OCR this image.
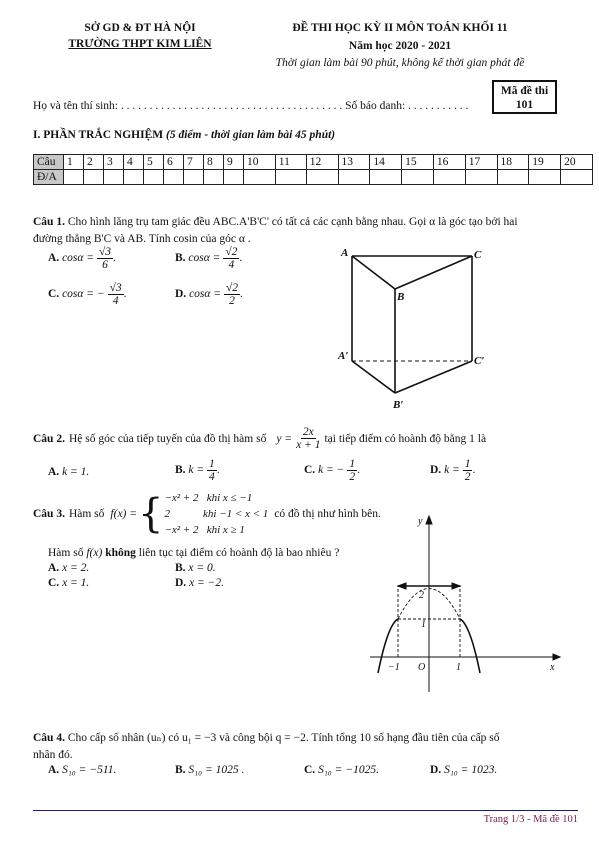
SỞ GD & ĐT HÀ NỘI
TRƯỜNG THPT KIM LIÊN
ĐỀ THI HỌC KỲ II MÔN TOÁN KHỐI 11
Năm học 2020 - 2021
Thời gian làm bài 90 phút, không kể thời gian phát đề
Mã đề thi
101
Họ và tên thí sinh: . . . . . . . . . . . . . . . . . . . . . . . . . . . . . . . . . . . . . . . Số báo danh: . . . . . . . . . . .
I. PHẦN TRẮC NGHIỆM (5 điểm - thời gian làm bài 45 phút)
Câu	1	2	3	4	5	6	7	8	9	10	11	12	13	14	15	16	17	18	19	20
Đ/A																				
Câu 1. Cho hình lăng trụ tam giác đều ABC.A'B'C' có tất cả các cạnh bằng nhau. Gọi α là góc tạo bởi hai
đường thẳng B'C và AB. Tính cosin của góc α .
A. $\cos\alpha = \frac{√3}{6}$ .	B. $\cos\alpha = \frac{√2}{4}$ .
C. cosα = − $\frac{√3}{4}$ .	D. $\cos\alpha = \frac{√2}{2}$ .
A	C
B
A′	C′
B′
Câu 2. Hệ số góc của tiếp tuyến của đồ thị hàm số $y = \frac{2x}{x + 1}$ tại tiếp điểm có hoành độ bằng 1 là
A. k = 1.	B. $k = \frac{1}{4}$ .	C. k = − $\frac{1}{2}$ .	D. $k = \frac{1}{2}$ .
Câu 3. Hàm số f(x) = { −x² + 2   khi x ≤ −1
2            khi −1 < x < 1
−x² + 2   khi x ≥ 1
có đồ thị như hình bên.
Hàm số f(x) không liên tục tại điểm có hoành độ là bao nhiêu ?
A. x = 2.	B. x = 0.
C. x = 1.	D. x = −2.
y
x
O
−1	1
1
2
Câu 4. Cho cấp số nhân (uₙ) có u₁ = −3 và công bội q = −2. Tính tổng 10 số hạng đầu tiên của cấp số
nhân đó.
A. S₁₀ = −511.	B. S₁₀ = 1025 .	C. S₁₀ = −1025.	D. S₁₀ = 1023.
Trang 1/3 - Mã đề 101
